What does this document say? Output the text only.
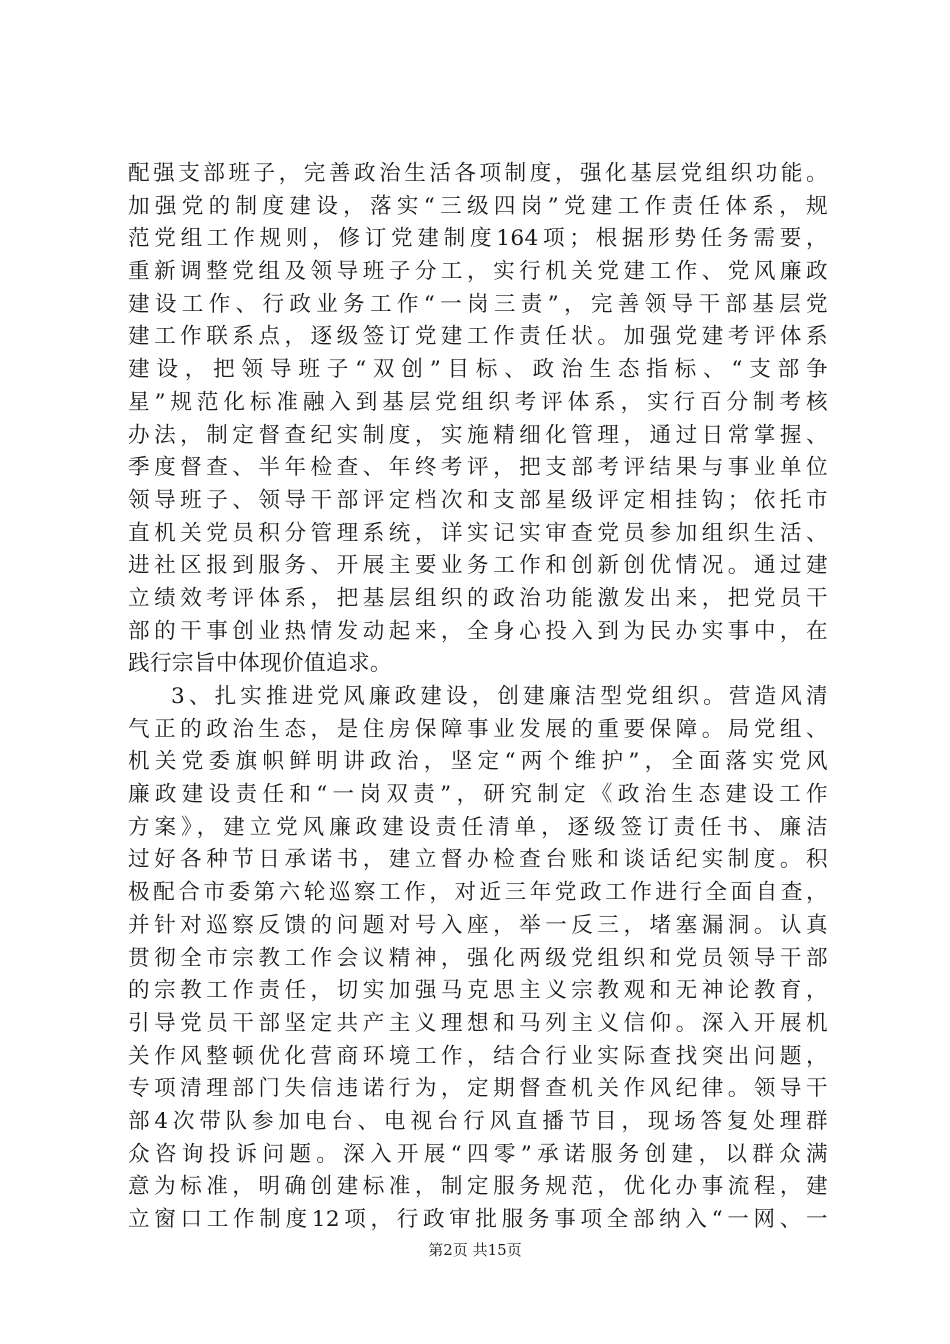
配强支部班子，完善政治生活各项制度，强化基层党组织功能。
加强党的制度建设，落实“三级四岗”党建工作责任体系，规
范党组工作规则，修订党建制度164项；根据形势任务需要，
重新调整党组及领导班子分工，实行机关党建工作、党风廉政
建设工作、行政业务工作“一岗三责”，完善领导干部基层党
建工作联系点，逐级签订党建工作责任状。加强党建考评体系
建设，把领导班子“双创”目标、政治生态指标、“支部争
星”规范化标准融入到基层党组织考评体系，实行百分制考核
办法，制定督查纪实制度，实施精细化管理，通过日常掌握、
季度督查、半年检查、年终考评，把支部考评结果与事业单位
领导班子、领导干部评定档次和支部星级评定相挂钩；依托市
直机关党员积分管理系统，详实记实审查党员参加组织生活、
进社区报到服务、开展主要业务工作和创新创优情况。通过建
立绩效考评体系，把基层组织的政治功能激发出来，把党员干
部的干事创业热情发动起来，全身心投入到为民办实事中，在
践行宗旨中体现价值追求。
3、扎实推进党风廉政建设，创建廉洁型党组织。营造风清
气正的政治生态，是住房保障事业发展的重要保障。局党组、
机关党委旗帜鲜明讲政治，坚定“两个维护”，全面落实党风
廉政建设责任和“一岗双责”，研究制定《政治生态建设工作
方案》，建立党风廉政建设责任清单，逐级签订责任书、廉洁
过好各种节日承诺书，建立督办检查台账和谈话纪实制度。积
极配合市委第六轮巡察工作，对近三年党政工作进行全面自查，
并针对巡察反馈的问题对号入座，举一反三，堵塞漏洞。认真
贯彻全市宗教工作会议精神，强化两级党组织和党员领导干部
的宗教工作责任，切实加强马克思主义宗教观和无神论教育，
引导党员干部坚定共产主义理想和马列主义信仰。深入开展机
关作风整顿优化营商环境工作，结合行业实际查找突出问题，
专项清理部门失信违诺行为，定期督查机关作风纪律。领导干
部4次带队参加电台、电视台行风直播节目，现场答复处理群
众咨询投诉问题。深入开展“四零”承诺服务创建，以群众满
意为标准，明确创建标准，制定服务规范，优化办事流程，建
立窗口工作制度12项，行政审批服务事项全部纳入“一网、一
第2页 共15页
